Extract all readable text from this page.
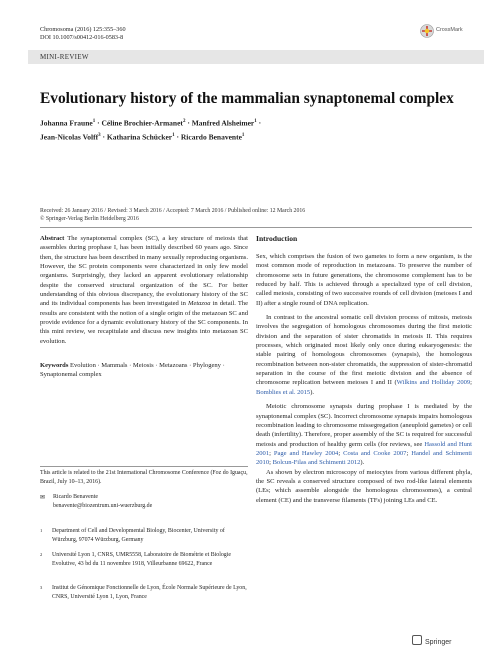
Chromosoma (2016) 125:355–360
DOI 10.1007/s00412-016-0583-8
CrossMark
MINI-REVIEW
Evolutionary history of the mammalian synaptonemal complex
Johanna Fraune$^1$ · Céline Brochier-Armanet$^2$ · Manfred Alsheimer$^1$ ·
Jean-Nicolas Volff$^3$ · Katharina Schücker$^1$ · Ricardo Benavente$^1$
Received: 26 January 2016 / Revised: 3 March 2016 / Accepted: 7 March 2016 / Published online: 12 March 2016
© Springer-Verlag Berlin Heidelberg 2016

Abstract The synaptonemal complex (SC), a key structure of meiosis that assembles during prophase I, has been initially described 60 years ago. Since then, the structure has been described in many sexually reproducing organisms. However, the SC protein components were characterized in only few model organisms. Surprisingly, they lacked an apparent evolutionary relationship despite the conserved structural organization of the SC. For better understanding of this obvious discrepancy, the evolutionary history of the SC and its individual components has been investigated in Metazoa in detail. The results are consistent with the notion of a single origin of the metazoan SC and provide evidence for a dynamic evolutionary history of the SC components. In this mini review, we recapitulate and discuss new insights into metazoan SC evolution.

Keywords Evolution · Mammals · Meiosis · Metazoans · Phylogeny · Synaptonemal complex

This article is related to the 21st International Chromosome Conference (Foz do Iguaçu, Brazil, July 10–13, 2016).
✉ Ricardo Benavente
benavente@biozentrum.uni-wuerzburg.de
1 Department of Cell and Developmental Biology, Biocenter, University of Würzburg, 97074 Würzburg, Germany
2 Université Lyon 1, CNRS, UMR5558, Laboratoire de Biométrie et Biologie Evolutive, 43 bd du 11 novembre 1918, Villeurbanne 69622, France
3 Institut de Génomique Fonctionnelle de Lyon, École Normale Supérieure de Lyon, CNRS, Université Lyon 1, Lyon, France
Introduction

Sex, which comprises the fusion of two gametes to form a new organism, is the most common mode of reproduction in metazoans. To preserve the number of chromosome sets in future generations, the chromosome complement has to be reduced by half. This is achieved through a specialized type of cell division, called meiosis, consisting of two successive rounds of cell division (meioses I and II) after a single round of DNA replication.

In contrast to the ancestral somatic cell division process of mitosis, meiosis involves the segregation of homologous chromosomes during the first meiotic division and the separation of sister chromatids in meiosis II. This requires processes, which originated most likely only once during eukaryogenesis: the stable pairing of homologous chromosomes (synapsis), the homologous recombination between non-sister chromatids, the suppression of sister-chromatid separation in the course of the first meiotic division and the absence of chromosome replication between meioses I and II (Wilkins and Holliday 2009; Bomblies et al. 2015).

Meiotic chromosome synapsis during prophase I is mediated by the synaptonemal complex (SC). Incorrect chromosome synapsis impairs homologous recombination leading to chromosome missegregation (aneuploid gametes) or cell death (infertility). Therefore, proper assembly of the SC is required for successful meiosis and production of healthy germ cells (for reviews, see Hassold and Hunt 2001; Page and Hawley 2004; Costa and Cooke 2007; Handel and Schimenti 2010; Bolcun-Filas and Schimenti 2012).

As shown by electron microscopy of meiocytes from various different phyla, the SC reveals a conserved structure composed of two rod-like lateral elements (LEs; which assemble alongside the homologous chromosomes), a central element (CE) and the transverse filaments (TFs) joining LEs and CE.

Springer
